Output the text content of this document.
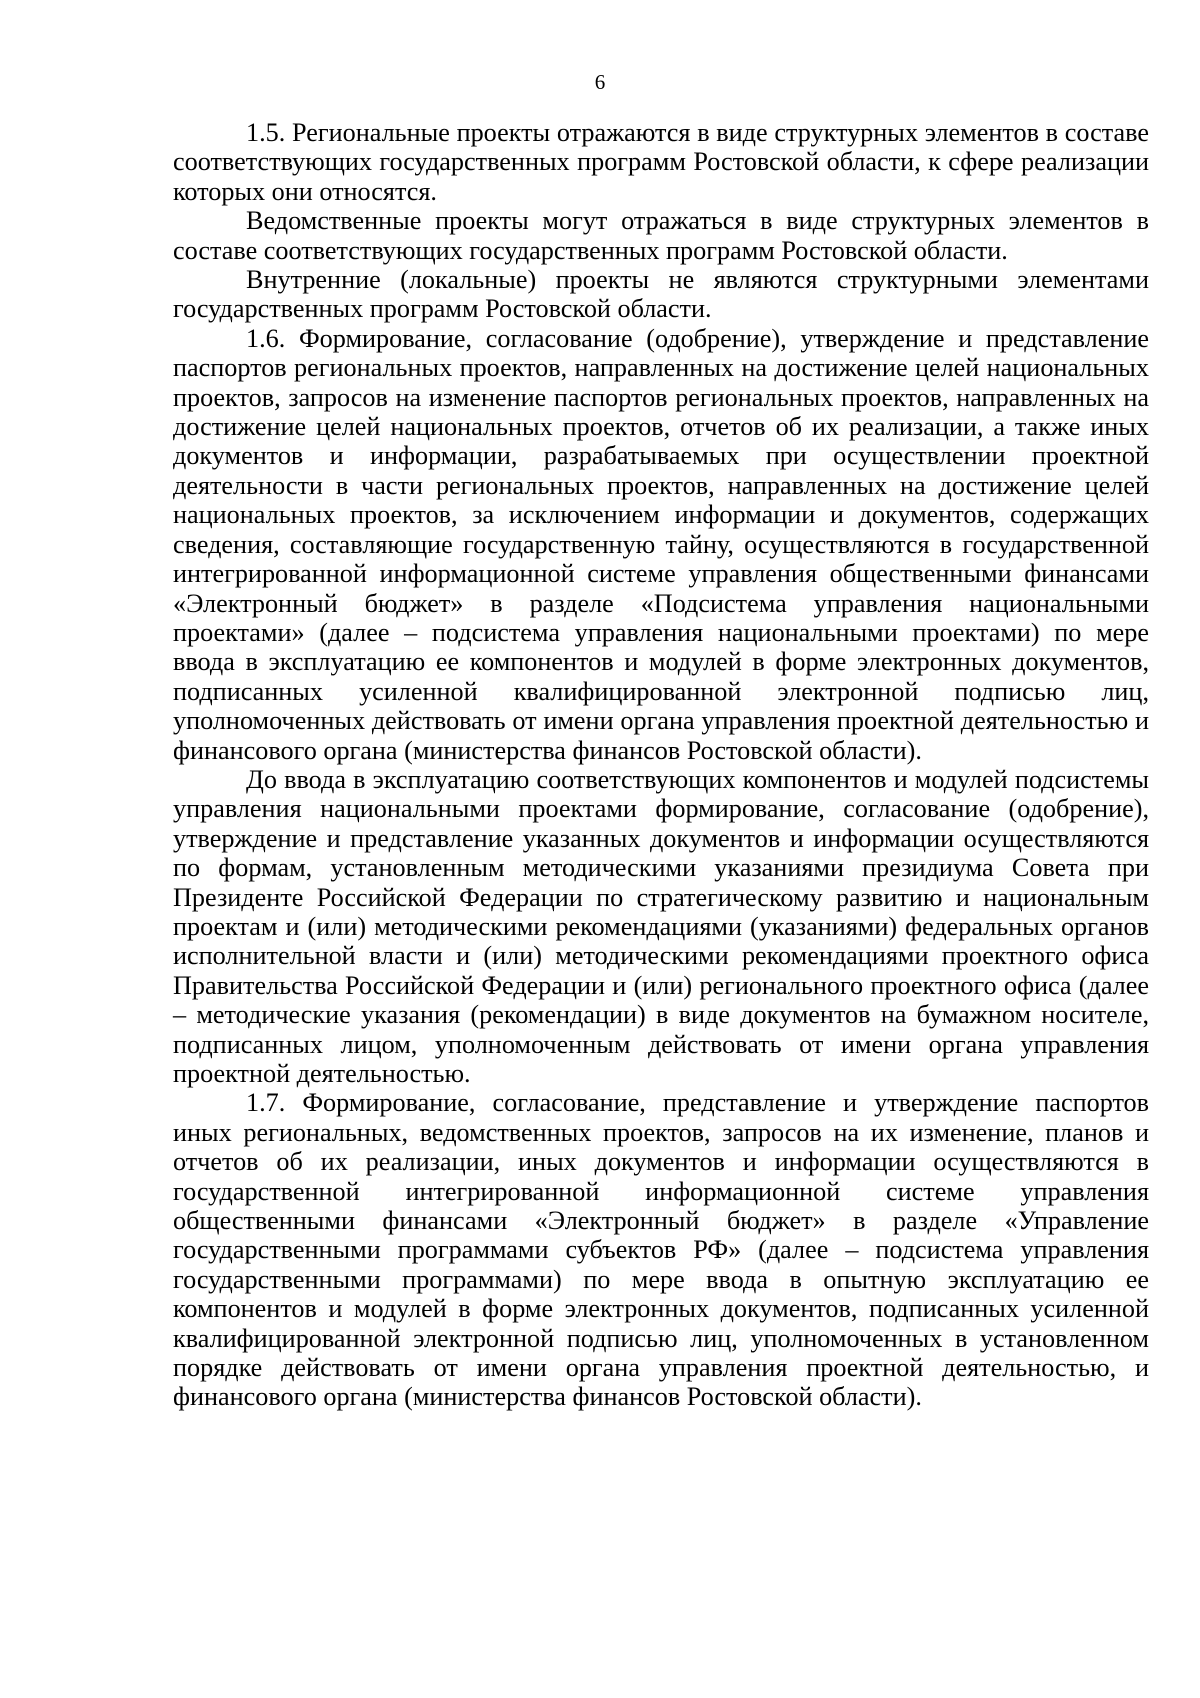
6

1.5. Региональные проекты отражаются в виде структурных элементов в составе соответствующих государственных программ Ростовской области, к сфере реализации которых они относятся.

Ведомственные проекты могут отражаться в виде структурных элементов в составе соответствующих государственных программ Ростовской области.

Внутренние (локальные) проекты не являются структурными элементами государственных программ Ростовской области.

1.6. Формирование, согласование (одобрение), утверждение и представление паспортов региональных проектов, направленных на достижение целей национальных проектов, запросов на изменение паспортов региональных проектов, направленных на достижение целей национальных проектов, отчетов об их реализации, а также иных документов и информации, разрабатываемых при осуществлении проектной деятельности в части региональных проектов, направленных на достижение целей национальных проектов, за исключением информации и документов, содержащих сведения, составляющие государственную тайну, осуществляются в государственной интегрированной информационной системе управления общественными финансами «Электронный бюджет» в разделе «Подсистема управления национальными проектами» (далее – подсистема управления национальными проектами) по мере ввода в эксплуатацию ее компонентов и модулей в форме электронных документов, подписанных усиленной квалифицированной электронной подписью лиц, уполномоченных действовать от имени органа управления проектной деятельностью и финансового органа (министерства финансов Ростовской области).

До ввода в эксплуатацию соответствующих компонентов и модулей подсистемы управления национальными проектами формирование, согласование (одобрение), утверждение и представление указанных документов и информации осуществляются по формам, установленным методическими указаниями президиума Совета при Президенте Российской Федерации по стратегическому развитию и национальным проектам и (или) методическими рекомендациями (указаниями) федеральных органов исполнительной власти и (или) методическими рекомендациями проектного офиса Правительства Российской Федерации и (или) регионального проектного офиса (далее – методические указания (рекомендации) в виде документов на бумажном носителе, подписанных лицом, уполномоченным действовать от имени органа управления проектной деятельностью.

1.7. Формирование, согласование, представление и утверждение паспортов иных региональных, ведомственных проектов, запросов на их изменение, планов и отчетов об их реализации, иных документов и информации осуществляются в государственной интегрированной информационной системе управления общественными финансами «Электронный бюджет» в разделе «Управление государственными программами субъектов РФ» (далее – подсистема управления государственными программами) по мере ввода в опытную эксплуатацию ее компонентов и модулей в форме электронных документов, подписанных усиленной квалифицированной электронной подписью лиц, уполномоченных в установленном порядке действовать от имени органа управления проектной деятельностью, и финансового органа (министерства финансов Ростовской области).
